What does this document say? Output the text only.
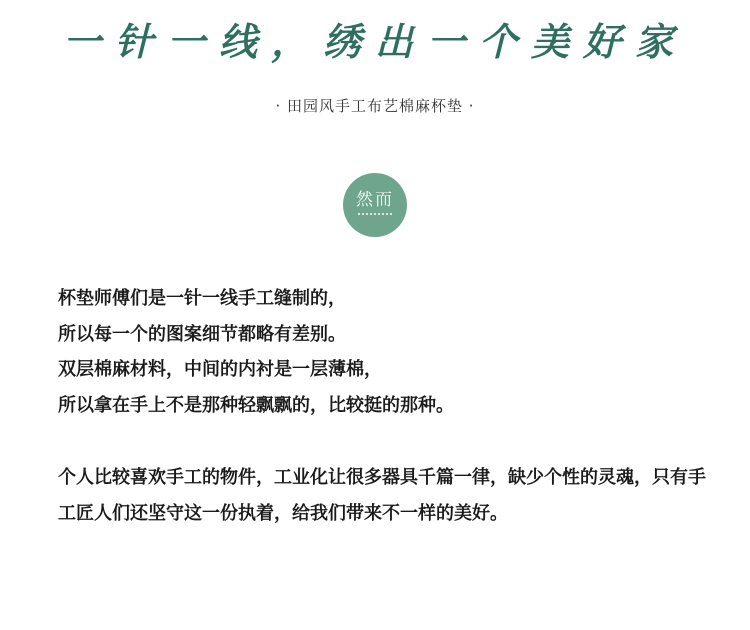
一针一线，绣出一个美好家
· 田园风手工布艺棉麻杯垫 ·
然而

杯垫师傅们是一针一线手工缝制的，

所以每一个的图案细节都略有差别。

双层棉麻材料，中间的内衬是一层薄棉，

所以拿在手上不是那种轻飘飘的，比较挺的那种。

个人比较喜欢手工的物件，工业化让很多器具千篇一律，缺少个性的灵魂，只有手工匠人们还坚守这一份执着，给我们带来不一样的美好。
